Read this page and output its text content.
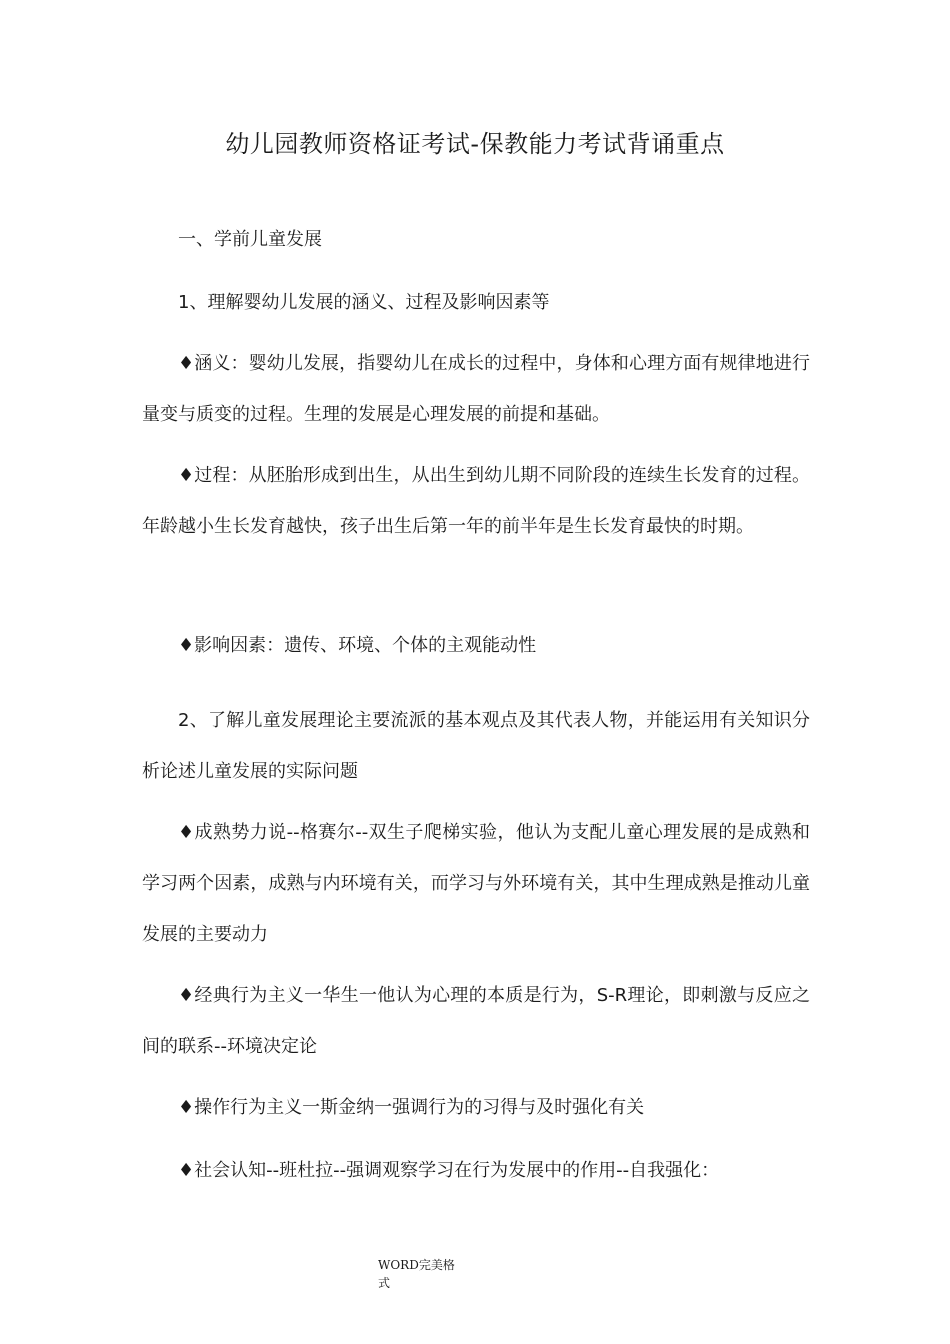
幼儿园教师资格证考试-保教能力考试背诵重点
一、学前儿童发展
1、理解婴幼儿发展的涵义、过程及影响因素等
♦涵义：婴幼儿发展，指婴幼儿在成长的过程中，身体和心理方面有规律地进行量变与质变的过程。生理的发展是心理发展的前提和基础。
♦过程：从胚胎形成到出生，从出生到幼儿期不同阶段的连续生长发育的过程。年龄越小生长发育越快，孩子出生后第一年的前半年是生长发育最快的时期。
♦影响因素：遗传、环境、个体的主观能动性
2、了解儿童发展理论主要流派的基本观点及其代表人物，并能运用有关知识分析论述儿童发展的实际问题
♦成熟势力说--格赛尔--双生子爬梯实验，他认为支配儿童心理发展的是成熟和学习两个因素，成熟与内环境有关，而学习与外环境有关，其中生理成熟是推动儿童发展的主要动力
♦经典行为主义一华生一他认为心理的本质是行为，S-R理论，即刺激与反应之间的联系--环境决定论
♦操作行为主义一斯金纳一强调行为的习得与及时强化有关
♦社会认知--班杜拉--强调观察学习在行为发展中的作用--自我强化：
WORD完美格式
